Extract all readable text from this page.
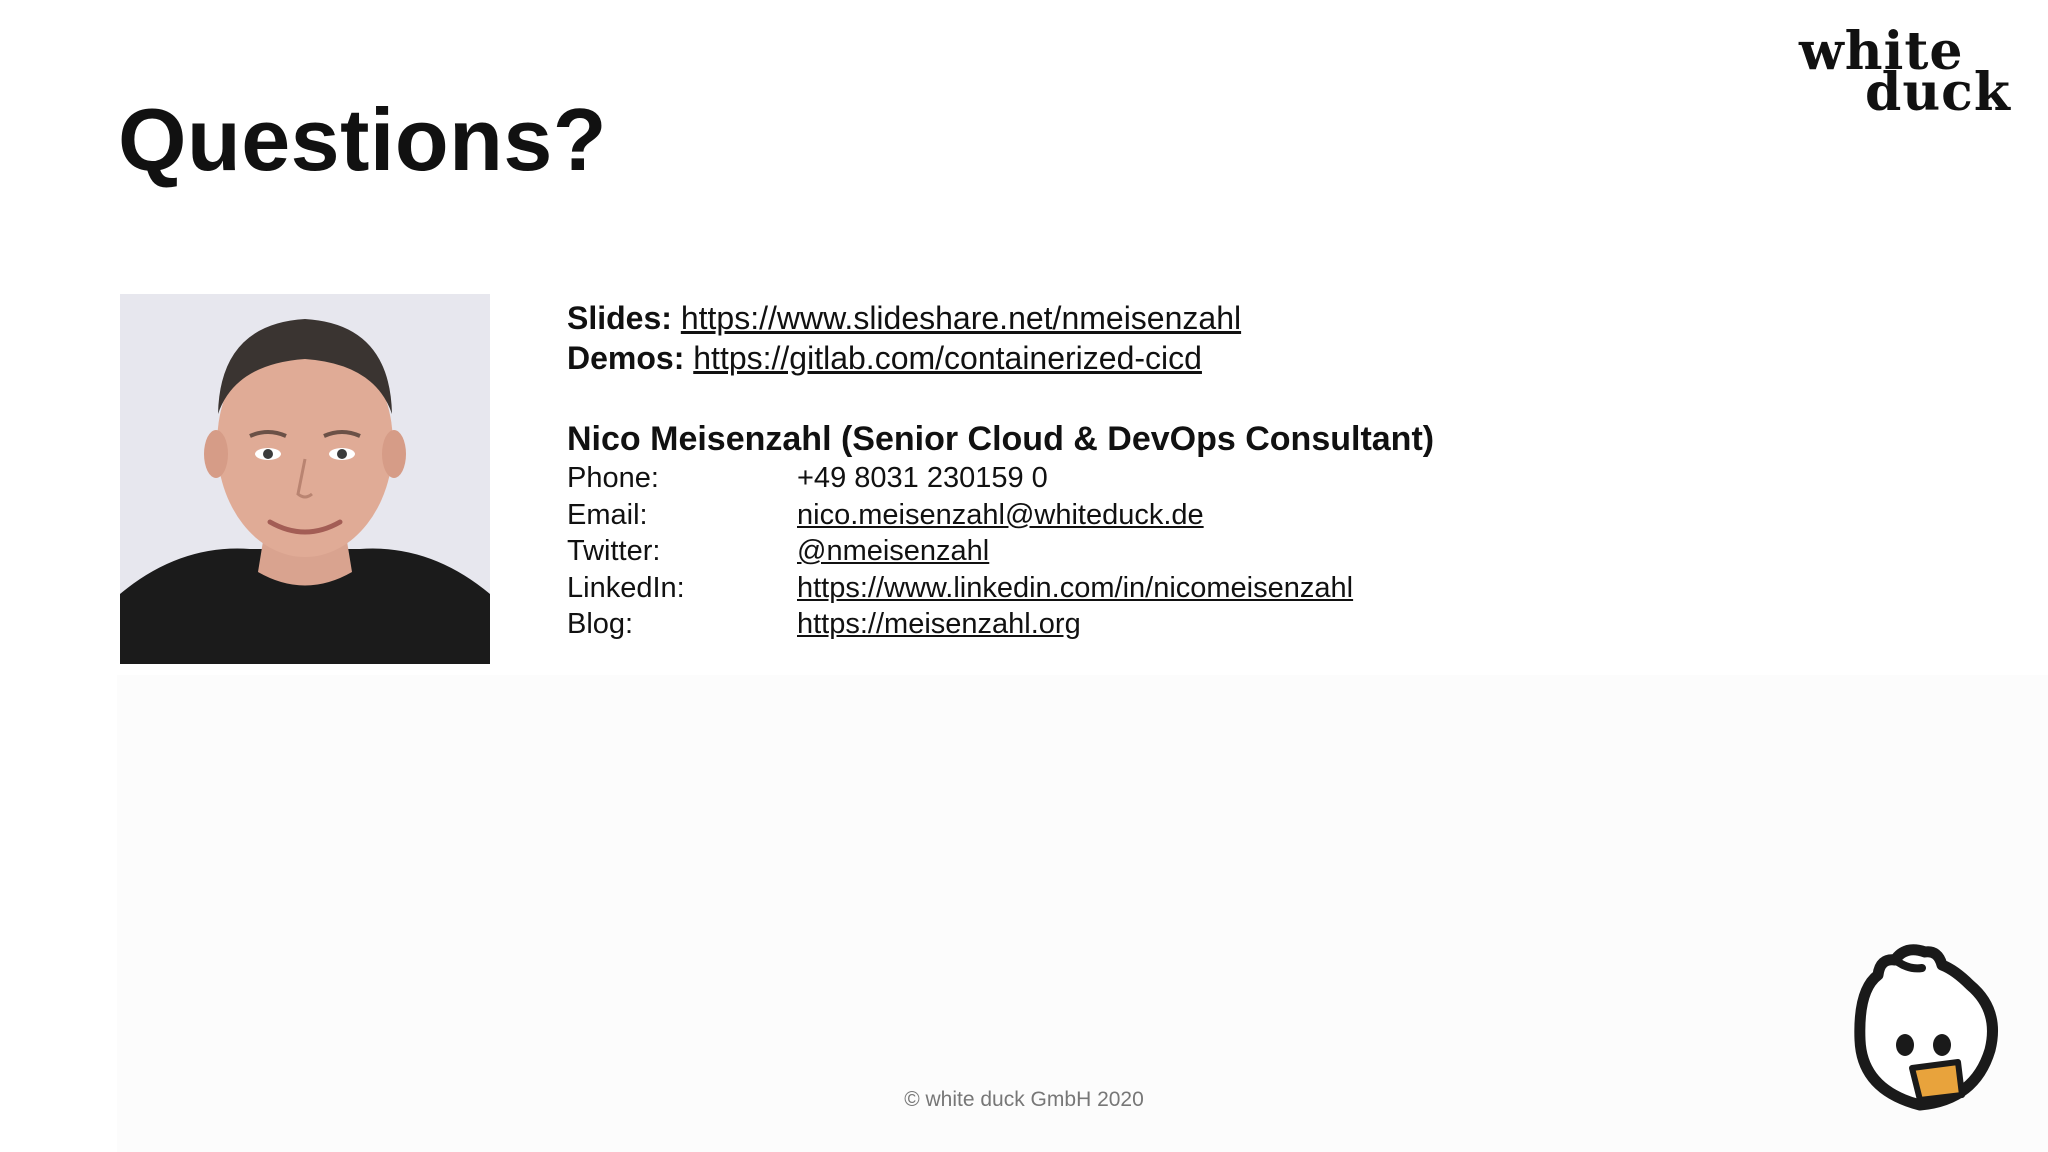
white
duck
Questions?
Slides: https://www.slideshare.net/nmeisenzahl
Demos: https://gitlab.com/containerized-cicd
Nico Meisenzahl (Senior Cloud & DevOps Consultant)
Phone:	+49 8031 230159 0
Email:	nico.meisenzahl@whiteduck.de
Twitter:	@nmeisenzahl
LinkedIn:	https://www.linkedin.com/in/nicomeisenzahl
Blog:	https://meisenzahl.org
© white duck GmbH 2020
